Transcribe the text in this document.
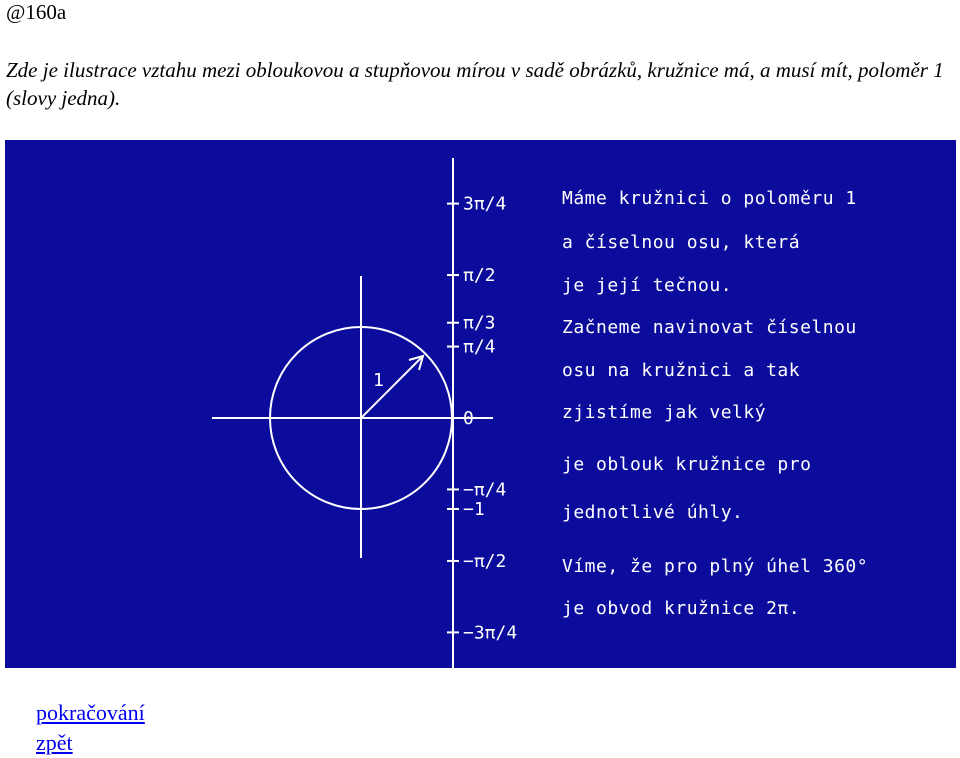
@160a
Zde je ilustrace vztahu mezi obloukovou a stupňovou mírou v sadě obrázků, kružnice má, a musí mít, poloměr 1 (slovy jedna).
1
3π/4
π/2
π/3
π/4
0
−π/4
−1
−π/2
−3π/4
Máme kružnici o poloměru 1
a číselnou osu, která
je její tečnou.
Začneme navinovat číselnou
osu na kružnici a tak
zjistíme jak velký
je oblouk kružnice pro
jednotlivé úhly.
Víme, že pro plný úhel 360°
je obvod kružnice 2π.
pokračování
zpět
